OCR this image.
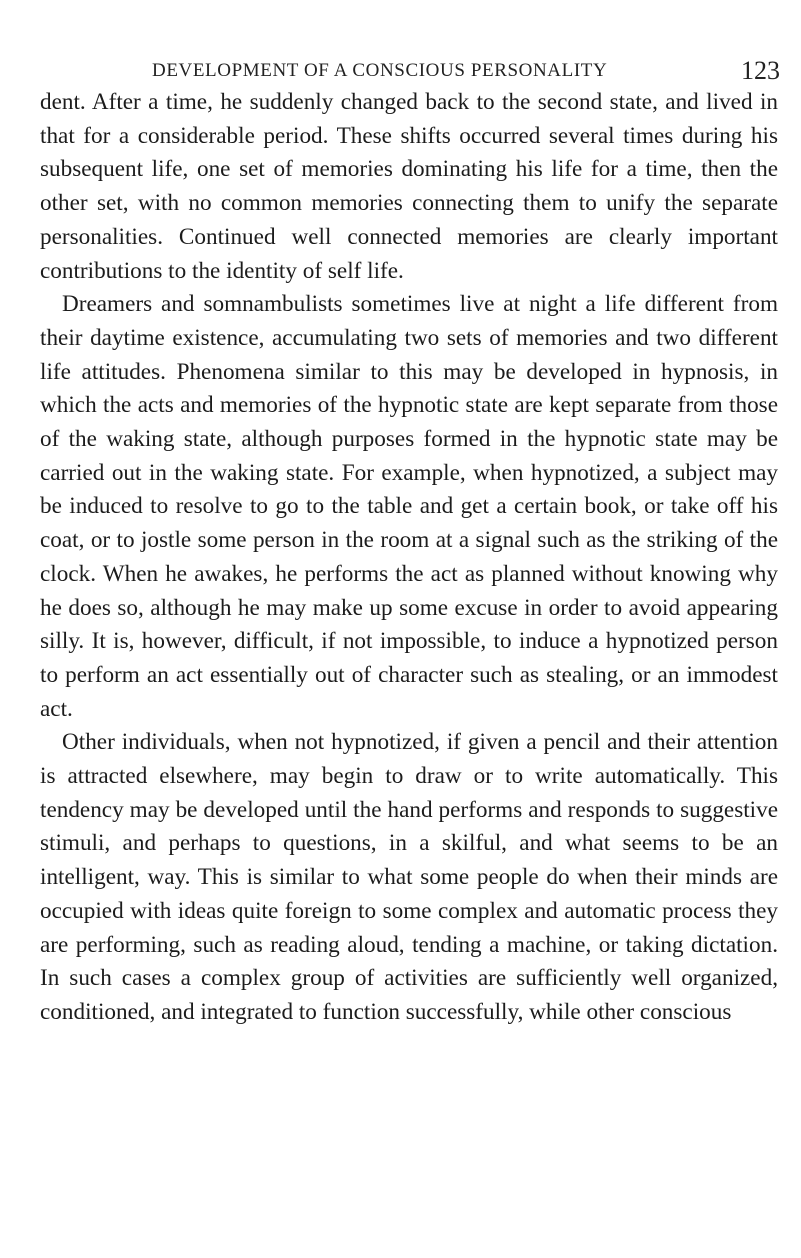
DEVELOPMENT OF A CONSCIOUS PERSONALITY	123

dent. After a time, he suddenly changed back to the second state, and lived in that for a considerable period. These shifts occurred several times during his subsequent life, one set of memories dominating his life for a time, then the other set, with no common memories connecting them to unify the separate personalities. Continued well connected memories are clearly important contributions to the identity of self life.

Dreamers and somnambulists sometimes live at night a life different from their daytime existence, accumulating two sets of memories and two different life attitudes. Phenomena similar to this may be developed in hypnosis, in which the acts and memories of the hypnotic state are kept separate from those of the waking state, although purposes formed in the hypnotic state may be carried out in the waking state. For example, when hypnotized, a subject may be induced to resolve to go to the table and get a certain book, or take off his coat, or to jostle some person in the room at a signal such as the striking of the clock. When he awakes, he performs the act as planned without knowing why he does so, although he may make up some excuse in order to avoid appearing silly. It is, however, difficult, if not impossible, to induce a hypnotized person to perform an act essentially out of character such as stealing, or an immodest act.

Other individuals, when not hypnotized, if given a pencil and their attention is attracted elsewhere, may begin to draw or to write automatically. This tendency may be developed until the hand performs and responds to suggestive stimuli, and perhaps to questions, in a skilful, and what seems to be an intelligent, way. This is similar to what some people do when their minds are occupied with ideas quite foreign to some complex and automatic process they are performing, such as reading aloud, tending a machine, or taking dictation. In such cases a complex group of activities are sufficiently well organized, conditioned, and integrated to function successfully, while other conscious
